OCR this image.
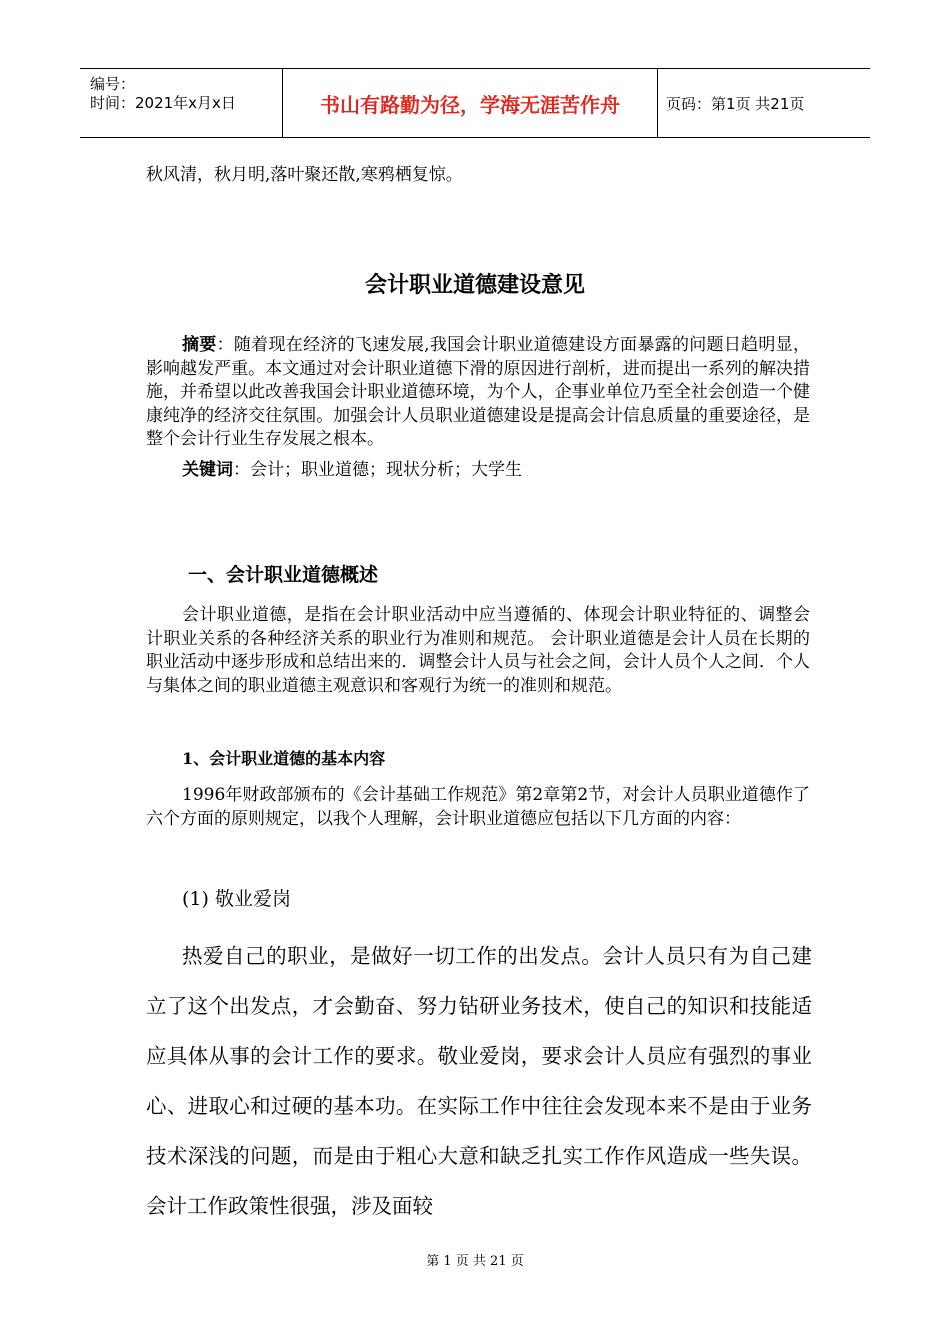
编号：
时间：2021年x月x日	书山有路勤为径，学海无涯苦作舟	页码：第1页 共21页
秋风清，秋月明,落叶聚还散,寒鸦栖复惊。
会计职业道德建设意见
摘要：随着现在经济的飞速发展,我国会计职业道德建设方面暴露的问题日趋明显，影响越发严重。本文通过对会计职业道德下滑的原因进行剖析，进而提出一系列的解决措施，并希望以此改善我国会计职业道德环境，为个人，企事业单位乃至全社会创造一个健康纯净的经济交往氛围。加强会计人员职业道德建设是提高会计信息质量的重要途径，是整个会计行业生存发展之根本。
关键词：会计；职业道德；现状分析；大学生
一、会计职业道德概述
会计职业道德，是指在会计职业活动中应当遵循的、体现会计职业特征的、调整会计职业关系的各种经济关系的职业行为准则和规范。 会计职业道德是会计人员在长期的职业活动中逐步形成和总结出来的．调整会计人员与社会之间，会计人员个人之间．个人与集体之间的职业道德主观意识和客观行为统一的准则和规范。
1、会计职业道德的基本内容
1996年财政部颁布的《会计基础工作规范》第2章第2节，对会计人员职业道德作了六个方面的原则规定，以我个人理解，会计职业道德应包括以下几方面的内容：
(1) 敬业爱岗
热爱自己的职业，是做好一切工作的出发点。会计人员只有为自己建立了这个出发点，才会勤奋、努力钻研业务技术，使自己的知识和技能适应具体从事的会计工作的要求。敬业爱岗，要求会计人员应有强烈的事业心、进取心和过硬的基本功。在实际工作中往往会发现本来不是由于业务技术深浅的问题，而是由于粗心大意和缺乏扎实工作作风造成一些失误。会计工作政策性很强，涉及面较
第 1 页 共 21 页
